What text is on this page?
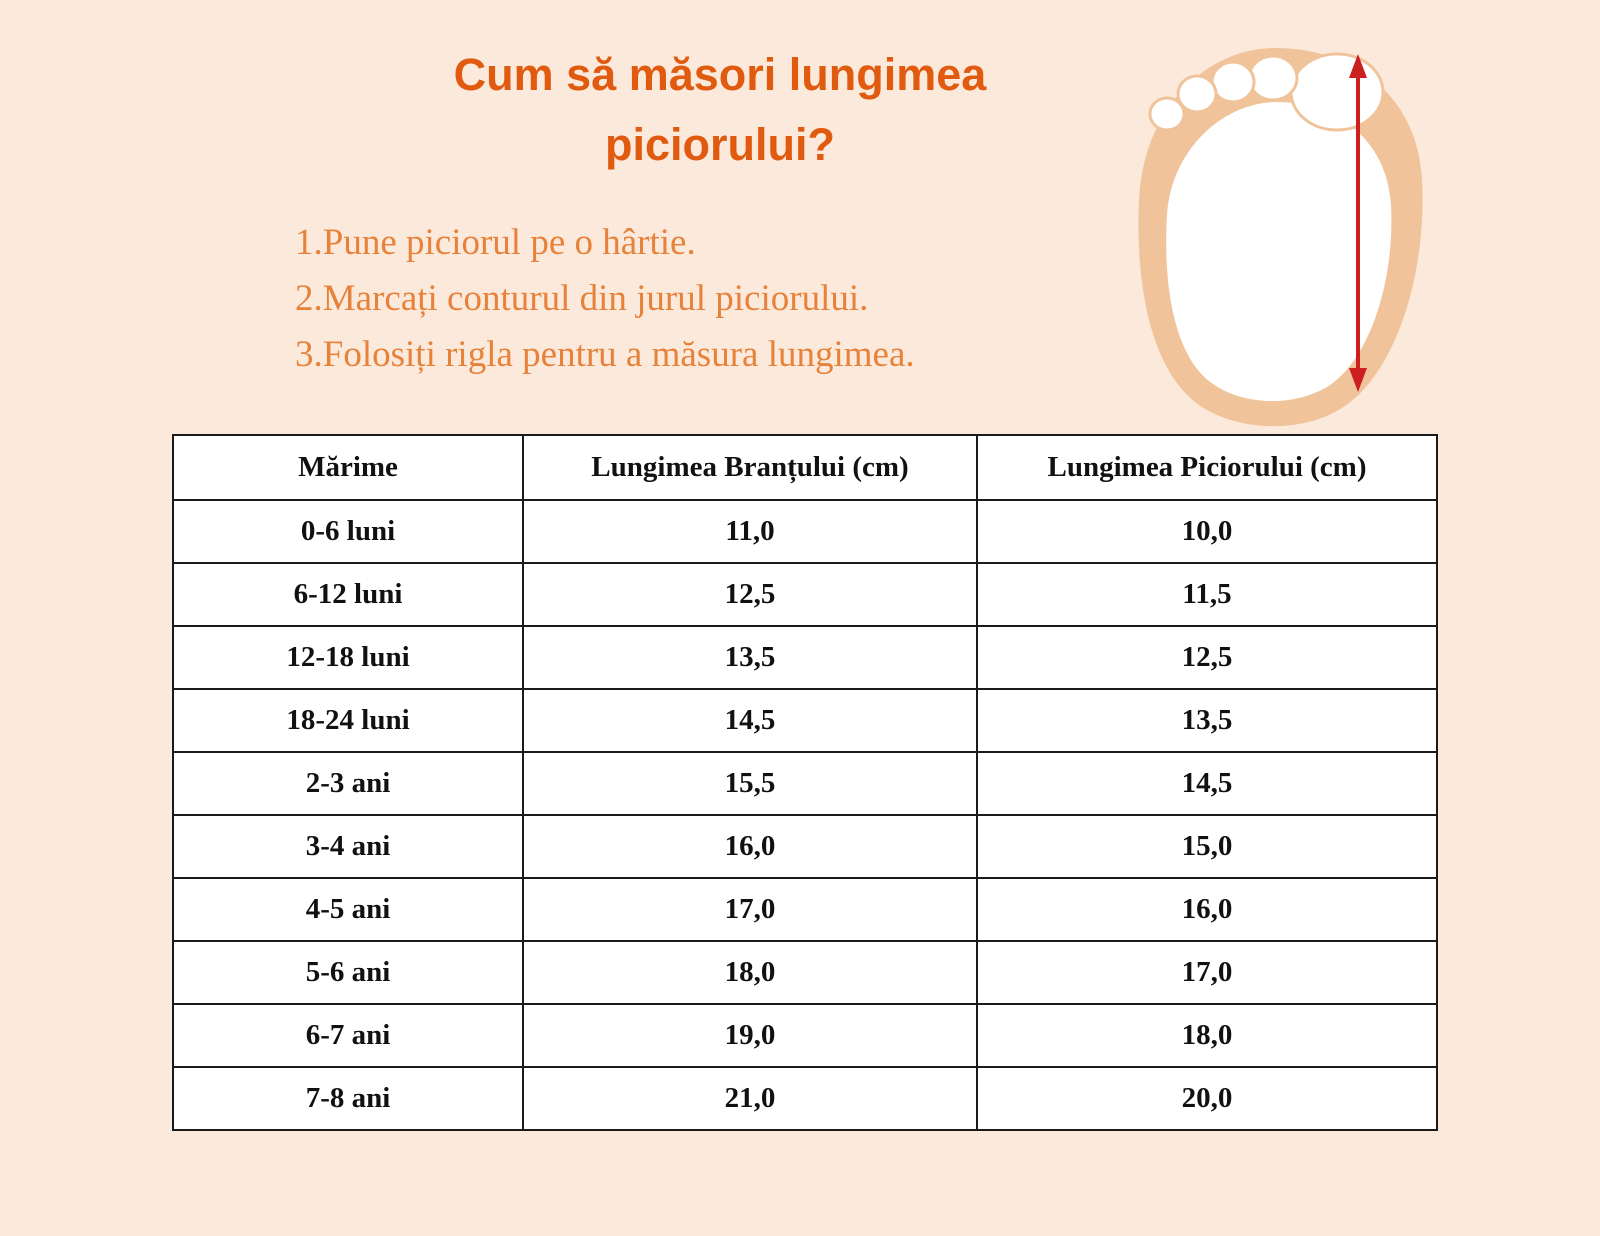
Cum să măsori lungimea
piciorului?
1.Pune piciorul pe o hârtie.
2.Marcați conturul din jurul piciorului.
3.Folosiți rigla pentru a măsura lungimea.
Mărime	Lungimea Branțului (cm)	Lungimea Piciorului (cm)
0-6 luni	11,0	10,0
6-12 luni	12,5	11,5
12-18 luni	13,5	12,5
18-24 luni	14,5	13,5
2-3 ani	15,5	14,5
3-4 ani	16,0	15,0
4-5 ani	17,0	16,0
5-6 ani	18,0	17,0
6-7 ani	19,0	18,0
7-8 ani	21,0	20,0
